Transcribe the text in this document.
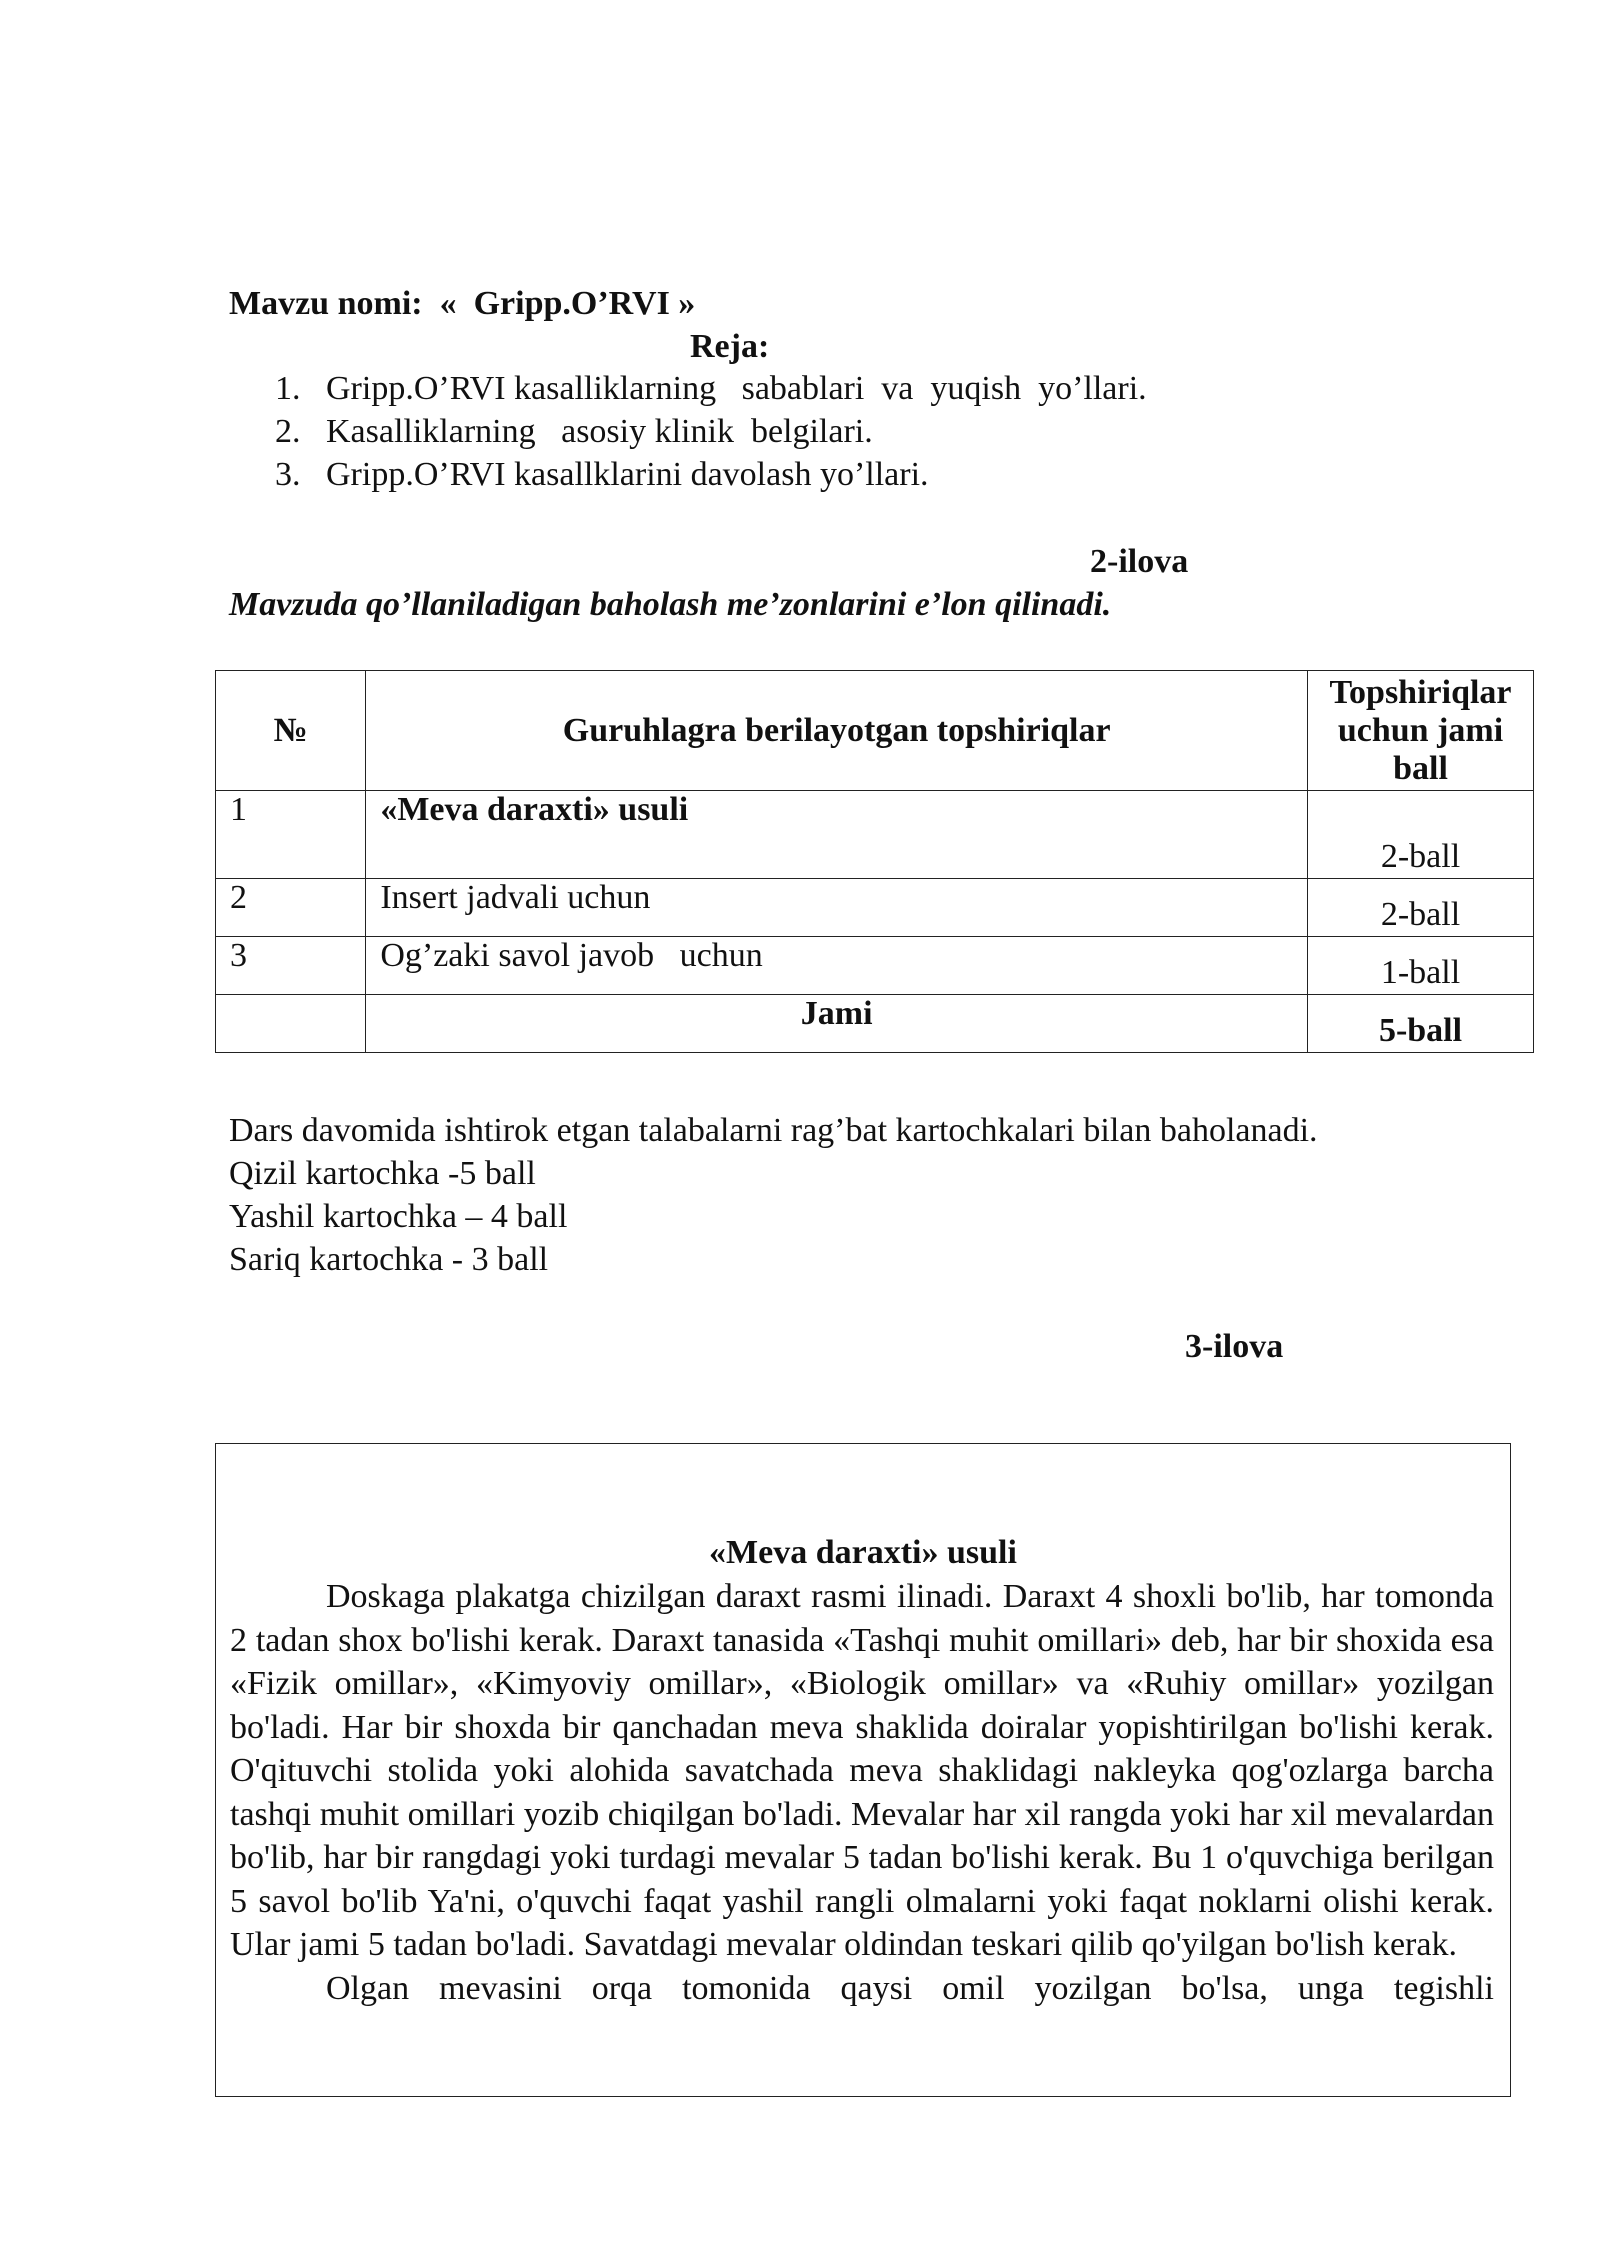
Mavzu nomi:  «  Gripp.O’RVI »
Reja:
1. Gripp.O’RVI kasalliklarning   sabablari  va  yuqish  yo’llari.
2. Kasalliklarning   asosiy klinik  belgilari.
3. Gripp.O’RVI kasallklarini davolash yo’llari.
2-ilova
Mavzuda qo’llaniladigan baholash me’zonlarini e’lon qilinadi.
№	Guruhlagra berilayotgan topshiriqlar	Topshiriqlar uchun jami ball
1	«Meva daraxti» usuli	2-ball
2	Insert jadvali uchun	2-ball
3	Og’zaki savol javob   uchun	1-ball
	Jami	5-ball
Dars davomida ishtirok etgan talabalarni rag’bat kartochkalari bilan baholanadi.
Qizil kartochka -5 ball
Yashil kartochka – 4 ball
Sariq kartochka - 3 ball
3-ilova
«Meva daraxti» usuli

Doskaga plakatga chizilgan daraxt rasmi ilinadi. Daraxt 4 shoxli bo'lib, har tomonda 2 tadan shox bo'lishi kerak. Daraxt tanasida «Tashqi muhit omillari» deb, har bir shoxida esa «Fizik omillar», «Kimyoviy omillar», «Biologik omillar» va «Ruhiy omillar» yozilgan bo'ladi. Har bir shoxda bir qanchadan meva shaklida doiralar yopishtirilgan bo'lishi kerak. O'qituvchi stolida yoki alohida savatchada meva shaklidagi nakleyka qog'ozlarga barcha tashqi muhit omillari yozib chiqilgan bo'ladi. Mevalar har xil rangda yoki har xil mevalardan bo'lib, har bir rangdagi yoki turdagi mevalar 5 tadan bo'lishi kerak. Bu 1 o'quvchiga berilgan 5 savol bo'lib Ya'ni, o'quvchi faqat yashil rangli olmalarni yoki faqat noklarni olishi kerak. Ular jami 5 tadan bo'ladi. Savatdagi mevalar oldindan teskari qilib qo'yilgan bo'lish kerak.

Olgan mevasini orqa tomonida qaysi omil yozilgan bo'lsa, unga tegishli
